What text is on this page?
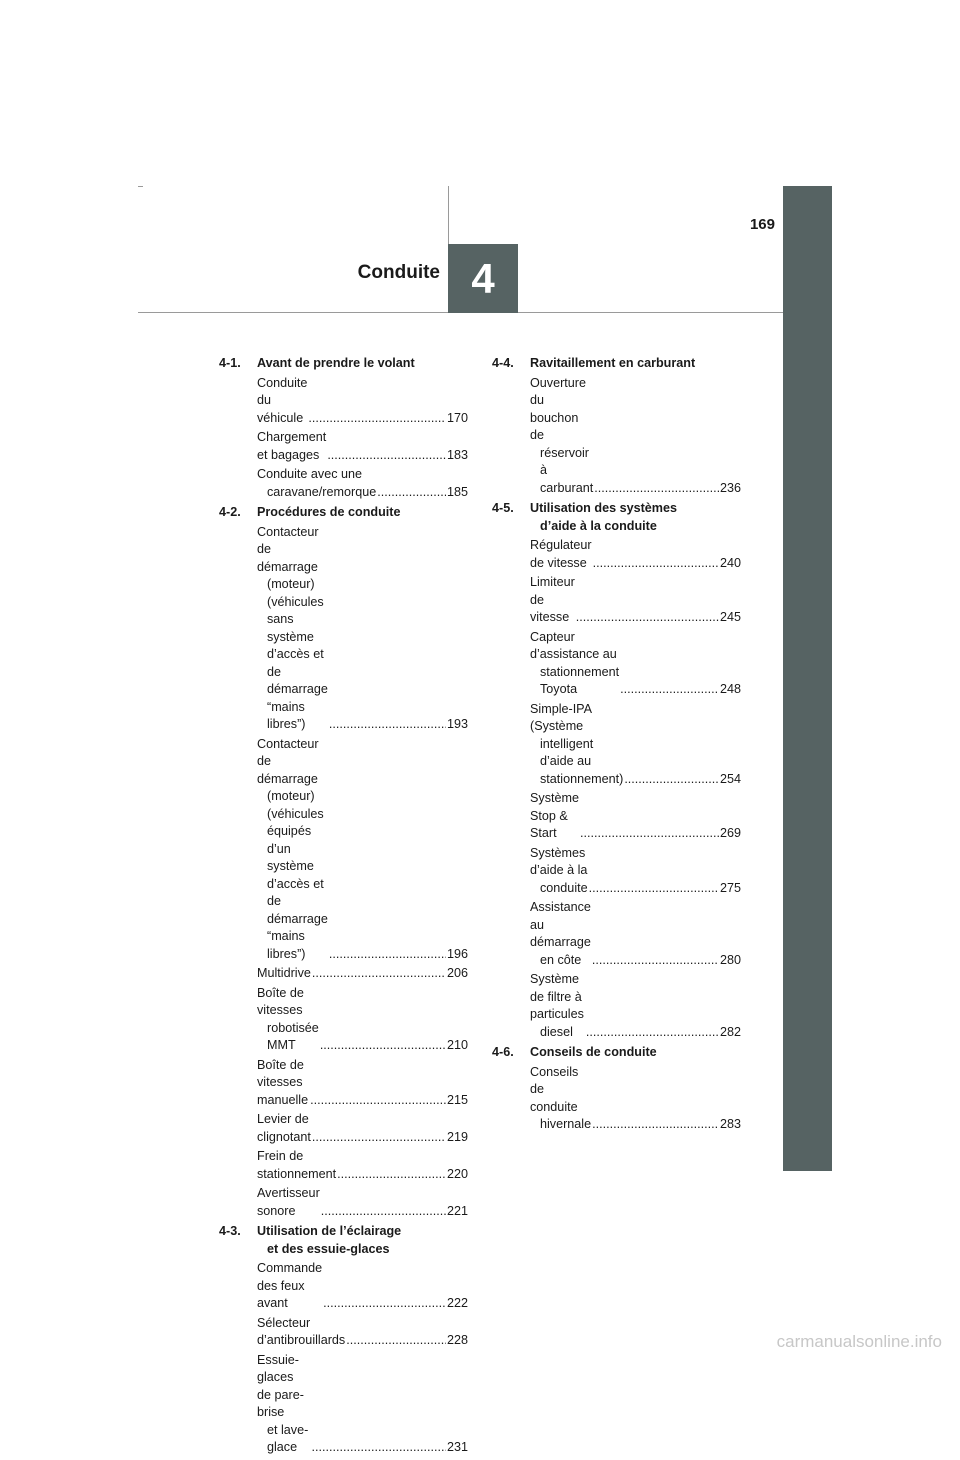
Conduite 4
169
4-1.	Avant de prendre le volant
Conduite du véhicule .....	170
Chargement et bagages .....	183
Conduite avec une
caravane/remorque .....	185
4-2.	Procédures de conduite
Contacteur de démarrage
(moteur) (véhicules sans
système d’accès et de
démarrage “mains libres”) .....	193
Contacteur de démarrage
(moteur) (véhicules équipés
d’un système d’accès et de
démarrage “mains libres”) .....	196
Multidrive .....	206
Boîte de vitesses
robotisée MMT .....	210
Boîte de vitesses manuelle .....	215
Levier de clignotant .....	219
Frein de stationnement .....	220
Avertisseur sonore .....	221
4-3.	Utilisation de l’éclairage
et des essuie-glaces
Commande des feux avant .....	222
Sélecteur d’antibrouillards .....	228
Essuie-glaces de pare-brise
et lave-glace .....	231
4-4.	Ravitaillement en carburant
Ouverture du bouchon de
réservoir à carburant .....	236
4-5.	Utilisation des systèmes
d’aide à la conduite
Régulateur de vitesse .....	240
Limiteur de vitesse .....	245
Capteur d’assistance au
stationnement Toyota .....	248
Simple-IPA (Système
intelligent d’aide au
stationnement) .....	254
Système Stop & Start .....	269
Systèmes d’aide à la
conduite .....	275
Assistance au démarrage
en côte .....	280
Système de filtre à particules
diesel .....	282
4-6.	Conseils de conduite
Conseils de conduite
hivernale .....	283
carmanualsonline.info
